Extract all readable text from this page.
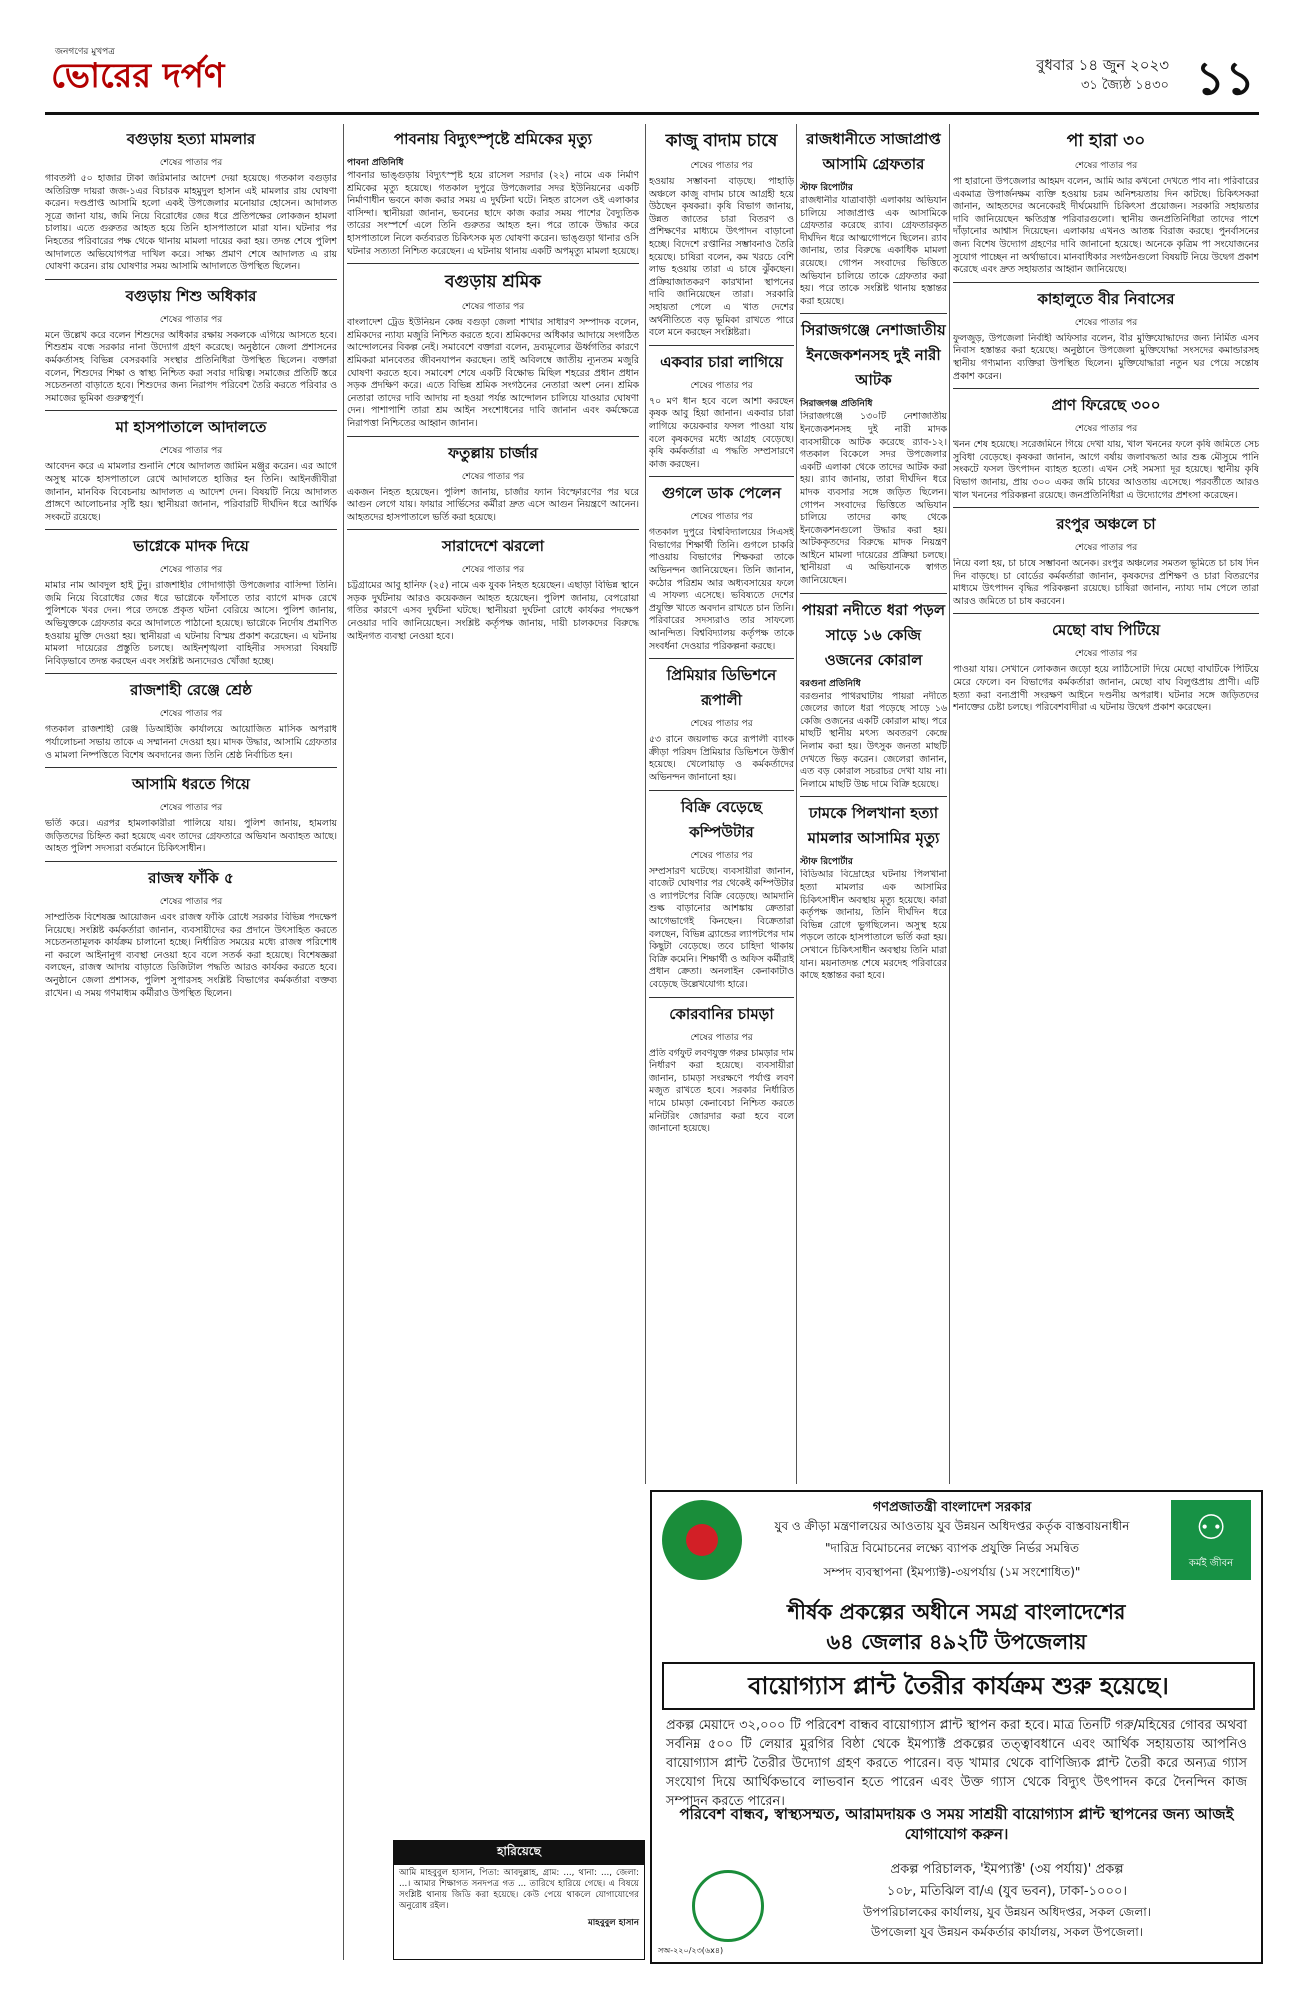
জনগণের মুখপত্র
ভোরের দর্পণ	বুধবার ১৪ জুন ২০২৩
৩১ জ্যৈষ্ঠ ১৪৩০ ১১
বগুড়ায় হত্যা মামলার
শেষের পাতার পর

গাবতলী ৫০ হাজার টাকা জরিমানার আদেশ দেয়া হয়েছে। গতকাল বগুড়ার অতিরিক্ত দায়রা জজ-১এর বিচারক মাহমুদুল হাসান এই মামলার রায় ঘোষণা করেন। দণ্ডপ্রাপ্ত আসামি হলো একই উপজেলার মনোয়ার হোসেন। আদালত সূত্রে জানা যায়, জমি নিয়ে বিরোধের জের ধরে প্রতিপক্ষের লোকজন হামলা চালায়। এতে গুরুতর আহত হয়ে তিনি হাসপাতালে মারা যান। ঘটনার পর নিহতের পরিবারের পক্ষ থেকে থানায় মামলা দায়ের করা হয়। তদন্ত শেষে পুলিশ আদালতে অভিযোগপত্র দাখিল করে। সাক্ষ্য প্রমাণ শেষে আদালত এ রায় ঘোষণা করেন। রায় ঘোষণার সময় আসামি আদালতে উপস্থিত ছিলেন।

বগুড়ায় শিশু অধিকার
শেষের পাতার পর

মনে উল্লেখ করে বলেন শিশুদের অধিকার রক্ষায় সকলকে এগিয়ে আসতে হবে। শিশুশ্রম বন্ধে সরকার নানা উদ্যোগ গ্রহণ করেছে। অনুষ্ঠানে জেলা প্রশাসনের কর্মকর্তাসহ বিভিন্ন বেসরকারি সংস্থার প্রতিনিধিরা উপস্থিত ছিলেন। বক্তারা বলেন, শিশুদের শিক্ষা ও স্বাস্থ্য নিশ্চিত করা সবার দায়িত্ব। সমাজের প্রতিটি স্তরে সচেতনতা বাড়াতে হবে। শিশুদের জন্য নিরাপদ পরিবেশ তৈরি করতে পরিবার ও সমাজের ভূমিকা গুরুত্বপূর্ণ।

মা হাসপাতালে আদালতে
শেষের পাতার পর

আবেদন করে এ মামলার শুনানি শেষে আদালত জামিন মঞ্জুর করেন। এর আগে অসুস্থ মাকে হাসপাতালে রেখে আদালতে হাজির হন তিনি। আইনজীবীরা জানান, মানবিক বিবেচনায় আদালত এ আদেশ দেন। বিষয়টি নিয়ে আদালত প্রাঙ্গণে আলোচনার সৃষ্টি হয়। স্থানীয়রা জানান, পরিবারটি দীর্ঘদিন ধরে আর্থিক সংকটে রয়েছে।

ভাগ্নেকে মাদক দিয়ে
শেষের পাতার পর

মামার নাম আবদুল হাই টুনু। রাজশাহীর গোদাগাড়ী উপজেলার বাসিন্দা তিনি। জমি নিয়ে বিরোধের জের ধরে ভাগ্নেকে ফাঁসাতে তার ব্যাগে মাদক রেখে পুলিশকে খবর দেন। পরে তদন্তে প্রকৃত ঘটনা বেরিয়ে আসে। পুলিশ জানায়, অভিযুক্তকে গ্রেফতার করে আদালতে পাঠানো হয়েছে। ভাগ্নেকে নির্দোষ প্রমাণিত হওয়ায় মুক্তি দেওয়া হয়। স্থানীয়রা এ ঘটনায় বিস্ময় প্রকাশ করেছেন। এ ঘটনায় মামলা দায়েরের প্রস্তুতি চলছে। আইনশৃঙ্খলা বাহিনীর সদস্যরা বিষয়টি নিবিড়ভাবে তদন্ত করছেন এবং সংশ্লিষ্ট অন্যদেরও খোঁজা হচ্ছে।

রাজশাহী রেঞ্জে শ্রেষ্ঠ
শেষের পাতার পর

গতকাল রাজশাহী রেঞ্জ ডিআইজি কার্যালয়ে আয়োজিত মাসিক অপরাধ পর্যালোচনা সভায় তাকে এ সম্মাননা দেওয়া হয়। মাদক উদ্ধার, আসামি গ্রেফতার ও মামলা নিষ্পত্তিতে বিশেষ অবদানের জন্য তিনি শ্রেষ্ঠ নির্বাচিত হন।

আসামি ধরতে গিয়ে
শেষের পাতার পর

ভর্তি করে। এরপর হামলাকারীরা পালিয়ে যায়। পুলিশ জানায়, হামলায় জড়িতদের চিহ্নিত করা হয়েছে এবং তাদের গ্রেফতারে অভিযান অব্যাহত আছে। আহত পুলিশ সদস্যরা বর্তমানে চিকিৎসাধীন।

রাজস্ব ফাঁকি ৫
শেষের পাতার পর

সাম্প্রতিক বিশেষজ্ঞ আয়োজন এবং রাজস্ব ফাঁকি রোধে সরকার বিভিন্ন পদক্ষেপ নিয়েছে। সংশ্লিষ্ট কর্মকর্তারা জানান, ব্যবসায়ীদের কর প্রদানে উৎসাহিত করতে সচেতনতামূলক কার্যক্রম চালানো হচ্ছে। নির্ধারিত সময়ের মধ্যে রাজস্ব পরিশোধ না করলে আইনানুগ ব্যবস্থা নেওয়া হবে বলে সতর্ক করা হয়েছে। বিশেষজ্ঞরা বলছেন, রাজস্ব আদায় বাড়াতে ডিজিটাল পদ্ধতি আরও কার্যকর করতে হবে। অনুষ্ঠানে জেলা প্রশাসক, পুলিশ সুপারসহ সংশ্লিষ্ট বিভাগের কর্মকর্তারা বক্তব্য রাখেন। এ সময় গণমাধ্যম কর্মীরাও উপস্থিত ছিলেন।

পাবনায় বিদ্যুৎস্পৃষ্টে শ্রমিকের মৃত্যু
পাবনা প্রতিনিধি

পাবনার ভাঙ্গুড়ায় বিদ্যুৎস্পৃষ্ট হয়ে রাসেল সরদার (২২) নামে এক নির্মাণ শ্রমিকের মৃত্যু হয়েছে। গতকাল দুপুরে উপজেলার সদর ইউনিয়নের একটি নির্মাণাধীন ভবনে কাজ করার সময় এ দুর্ঘটনা ঘটে। নিহত রাসেল ওই এলাকার বাসিন্দা। স্থানীয়রা জানান, ভবনের ছাদে কাজ করার সময় পাশের বৈদ্যুতিক তারের সংস্পর্শে এলে তিনি গুরুতর আহত হন। পরে তাকে উদ্ধার করে হাসপাতালে নিলে কর্তব্যরত চিকিৎসক মৃত ঘোষণা করেন। ভাঙ্গুড়া থানার ওসি ঘটনার সত্যতা নিশ্চিত করেছেন। এ ঘটনায় থানায় একটি অপমৃত্যু মামলা হয়েছে।

বগুড়ায় শ্রমিক
শেষের পাতার পর

বাংলাদেশ ট্রেড ইউনিয়ন কেন্দ্র বগুড়া জেলা শাখার সাধারণ সম্পাদক বলেন, শ্রমিকদের ন্যায্য মজুরি নিশ্চিত করতে হবে। শ্রমিকদের অধিকার আদায়ে সংগঠিত আন্দোলনের বিকল্প নেই। সমাবেশে বক্তারা বলেন, দ্রব্যমূল্যের ঊর্ধ্বগতির কারণে শ্রমিকরা মানবেতর জীবনযাপন করছেন। তাই অবিলম্বে জাতীয় ন্যূনতম মজুরি ঘোষণা করতে হবে। সমাবেশ শেষে একটি বিক্ষোভ মিছিল শহরের প্রধান প্রধান সড়ক প্রদক্ষিণ করে। এতে বিভিন্ন শ্রমিক সংগঠনের নেতারা অংশ নেন। শ্রমিক নেতারা তাদের দাবি আদায় না হওয়া পর্যন্ত আন্দোলন চালিয়ে যাওয়ার ঘোষণা দেন। পাশাপাশি তারা শ্রম আইন সংশোধনের দাবি জানান এবং কর্মক্ষেত্রে নিরাপত্তা নিশ্চিতের আহ্বান জানান।

ফতুল্লায় চার্জার
শেষের পাতার পর

একজন নিহত হয়েছেন। পুলিশ জানায়, চার্জার ফ্যান বিস্ফোরণের পর ঘরে আগুন লেগে যায়। ফায়ার সার্ভিসের কর্মীরা দ্রুত এসে আগুন নিয়ন্ত্রণে আনেন। আহতদের হাসপাতালে ভর্তি করা হয়েছে।

সারাদেশে ঝরলো
শেষের পাতার পর

চট্টগ্রামের আবু হানিফ (২৫) নামে এক যুবক নিহত হয়েছেন। এছাড়া বিভিন্ন স্থানে সড়ক দুর্ঘটনায় আরও কয়েকজন আহত হয়েছেন। পুলিশ জানায়, বেপরোয়া গতির কারণে এসব দুর্ঘটনা ঘটছে। স্থানীয়রা দুর্ঘটনা রোধে কার্যকর পদক্ষেপ নেওয়ার দাবি জানিয়েছেন। সংশ্লিষ্ট কর্তৃপক্ষ জানায়, দায়ী চালকদের বিরুদ্ধে আইনগত ব্যবস্থা নেওয়া হবে।

কাজু বাদাম চাষে
শেষের পাতার পর

হওয়ায় সম্ভাবনা বাড়ছে। পাহাড়ি অঞ্চলে কাজু বাদাম চাষে আগ্রহী হয়ে উঠছেন কৃষকরা। কৃষি বিভাগ জানায়, উন্নত জাতের চারা বিতরণ ও প্রশিক্ষণের মাধ্যমে উৎপাদন বাড়ানো হচ্ছে। বিদেশে রপ্তানির সম্ভাবনাও তৈরি হয়েছে। চাষিরা বলেন, কম খরচে বেশি লাভ হওয়ায় তারা এ চাষে ঝুঁকছেন। প্রক্রিয়াজাতকরণ কারখানা স্থাপনের দাবি জানিয়েছেন তারা। সরকারি সহায়তা পেলে এ খাত দেশের অর্থনীতিতে বড় ভূমিকা রাখতে পারে বলে মনে করছেন সংশ্লিষ্টরা।

একবার চারা লাগিয়ে
শেষের পাতার পর

৭০ মণ ধান হবে বলে আশা করছেন কৃষক আবু হিয়া জানান। একবার চারা লাগিয়ে কয়েকবার ফসল পাওয়া যায় বলে কৃষকদের মধ্যে আগ্রহ বেড়েছে। কৃষি কর্মকর্তারা এ পদ্ধতি সম্প্রসারণে কাজ করছেন।

গুগলে ডাক পেলেন
শেষের পাতার পর

গতকাল দুপুরে বিশ্ববিদ্যালয়ের সিএসই বিভাগের শিক্ষার্থী তিনি। গুগলে চাকরি পাওয়ায় বিভাগের শিক্ষকরা তাকে অভিনন্দন জানিয়েছেন। তিনি জানান, কঠোর পরিশ্রম আর অধ্যবসায়ের ফলে এ সাফল্য এসেছে। ভবিষ্যতে দেশের প্রযুক্তি খাতে অবদান রাখতে চান তিনি। পরিবারের সদস্যরাও তার সাফল্যে আনন্দিত। বিশ্ববিদ্যালয় কর্তৃপক্ষ তাকে সংবর্ধনা দেওয়ার পরিকল্পনা করছে।

প্রিমিয়ার ডিভিশনে রূপালী
শেষের পাতার পর

৫৩ রানে জয়লাভ করে রূপালী ব্যাংক ক্রীড়া পরিষদ প্রিমিয়ার ডিভিশনে উত্তীর্ণ হয়েছে। খেলোয়াড় ও কর্মকর্তাদের অভিনন্দন জানানো হয়।

বিক্রি বেড়েছে কম্পিউটার
শেষের পাতার পর

সম্প্রসারণ ঘটেছে। ব্যবসায়ীরা জানান, বাজেট ঘোষণার পর থেকেই কম্পিউটার ও ল্যাপটপের বিক্রি বেড়েছে। আমদানি শুল্ক বাড়ানোর আশঙ্কায় ক্রেতারা আগেভাগেই কিনছেন। বিক্রেতারা বলছেন, বিভিন্ন ব্র্যান্ডের ল্যাপটপের দাম কিছুটা বেড়েছে। তবে চাহিদা থাকায় বিক্রি কমেনি। শিক্ষার্থী ও অফিস কর্মীরাই প্রধান ক্রেতা। অনলাইন কেনাকাটাও বেড়েছে উল্লেখযোগ্য হারে।

কোরবানির চামড়া
শেষের পাতার পর

প্রতি বর্গফুট লবণযুক্ত গরুর চামড়ার দাম নির্ধারণ করা হয়েছে। ব্যবসায়ীরা জানান, চামড়া সংরক্ষণে পর্যাপ্ত লবণ মজুত রাখতে হবে। সরকার নির্ধারিত দামে চামড়া কেনাবেচা নিশ্চিত করতে মনিটরিং জোরদার করা হবে বলে জানানো হয়েছে।

রাজধানীতে সাজাপ্রাপ্ত আসামি গ্রেফতার
স্টাফ রিপোর্টার

রাজধানীর যাত্রাবাড়ী এলাকায় অভিযান চালিয়ে সাজাপ্রাপ্ত এক আসামিকে গ্রেফতার করেছে র‍্যাব। গ্রেফতারকৃত দীর্ঘদিন ধরে আত্মগোপনে ছিলেন। র‍্যাব জানায়, তার বিরুদ্ধে একাধিক মামলা রয়েছে। গোপন সংবাদের ভিত্তিতে অভিযান চালিয়ে তাকে গ্রেফতার করা হয়। পরে তাকে সংশ্লিষ্ট থানায় হস্তান্তর করা হয়েছে।

সিরাজগঞ্জে নেশাজাতীয় ইনজেকশনসহ দুই নারী আটক
সিরাজগঞ্জ প্রতিনিধি

সিরাজগঞ্জে ১৩০টি নেশাজাতীয় ইনজেকশনসহ দুই নারী মাদক ব্যবসায়ীকে আটক করেছে র‍্যাব-১২। গতকাল বিকেলে সদর উপজেলার একটি এলাকা থেকে তাদের আটক করা হয়। র‍্যাব জানায়, তারা দীর্ঘদিন ধরে মাদক ব্যবসার সঙ্গে জড়িত ছিলেন। গোপন সংবাদের ভিত্তিতে অভিযান চালিয়ে তাদের কাছ থেকে ইনজেকশনগুলো উদ্ধার করা হয়। আটককৃতদের বিরুদ্ধে মাদক নিয়ন্ত্রণ আইনে মামলা দায়েরের প্রক্রিয়া চলছে। স্থানীয়রা এ অভিযানকে স্বাগত জানিয়েছেন।

পায়রা নদীতে ধরা পড়ল সাড়ে ১৬ কেজি ওজনের কোরাল
বরগুনা প্রতিনিধি

বরগুনার পাথরঘাটায় পায়রা নদীতে জেলের জালে ধরা পড়েছে সাড়ে ১৬ কেজি ওজনের একটি কোরাল মাছ। পরে মাছটি স্থানীয় মৎস্য অবতরণ কেন্দ্রে নিলাম করা হয়। উৎসুক জনতা মাছটি দেখতে ভিড় করেন। জেলেরা জানান, এত বড় কোরাল সচরাচর দেখা যায় না। নিলামে মাছটি উচ্চ দামে বিক্রি হয়েছে।

ঢামকে পিলখানা হত্যা মামলার আসামির মৃত্যু
স্টাফ রিপোর্টার

বিডিআর বিদ্রোহের ঘটনায় পিলখানা হত্যা মামলার এক আসামির চিকিৎসাধীন অবস্থায় মৃত্যু হয়েছে। কারা কর্তৃপক্ষ জানায়, তিনি দীর্ঘদিন ধরে বিভিন্ন রোগে ভুগছিলেন। অসুস্থ হয়ে পড়লে তাকে হাসপাতালে ভর্তি করা হয়। সেখানে চিকিৎসাধীন অবস্থায় তিনি মারা যান। ময়নাতদন্ত শেষে মরদেহ পরিবারের কাছে হস্তান্তর করা হবে।

পা হারা ৩০
শেষের পাতার পর

পা হারানো উপজেলার আহমদ বলেন, আমি আর কখনো দেখতে পাব না। পরিবারের একমাত্র উপার্জনক্ষম ব্যক্তি হওয়ায় চরম অনিশ্চয়তায় দিন কাটছে। চিকিৎসকরা জানান, আহতদের অনেকেরই দীর্ঘমেয়াদি চিকিৎসা প্রয়োজন। সরকারি সহায়তার দাবি জানিয়েছেন ক্ষতিগ্রস্ত পরিবারগুলো। স্থানীয় জনপ্রতিনিধিরা তাদের পাশে দাঁড়ানোর আশ্বাস দিয়েছেন। এলাকায় এখনও আতঙ্ক বিরাজ করছে। পুনর্বাসনের জন্য বিশেষ উদ্যোগ গ্রহণের দাবি জানানো হয়েছে। অনেকে কৃত্রিম পা সংযোজনের সুযোগ পাচ্ছেন না অর্থাভাবে। মানবাধিকার সংগঠনগুলো বিষয়টি নিয়ে উদ্বেগ প্রকাশ করেছে এবং দ্রুত সহায়তার আহ্বান জানিয়েছে।

কাহালুতে বীর নিবাসের
শেষের পাতার পর

ফুলজুড়, উপজেলা নির্বাহী অফিসার বলেন, বীর মুক্তিযোদ্ধাদের জন্য নির্মিত এসব নিবাস হস্তান্তর করা হয়েছে। অনুষ্ঠানে উপজেলা মুক্তিযোদ্ধা সংসদের কমান্ডারসহ স্থানীয় গণ্যমান্য ব্যক্তিরা উপস্থিত ছিলেন। মুক্তিযোদ্ধারা নতুন ঘর পেয়ে সন্তোষ প্রকাশ করেন।

প্রাণ ফিরেছে ৩০০
শেষের পাতার পর

খনন শেষ হয়েছে। সরেজমিনে গিয়ে দেখা যায়, খাল খননের ফলে কৃষি জমিতে সেচ সুবিধা বেড়েছে। কৃষকরা জানান, আগে বর্ষায় জলাবদ্ধতা আর শুষ্ক মৌসুমে পানি সংকটে ফসল উৎপাদন ব্যাহত হতো। এখন সেই সমস্যা দূর হয়েছে। স্থানীয় কৃষি বিভাগ জানায়, প্রায় ৩০০ একর জমি চাষের আওতায় এসেছে। পরবর্তীতে আরও খাল খননের পরিকল্পনা রয়েছে। জনপ্রতিনিধিরা এ উদ্যোগের প্রশংসা করেছেন।

রংপুর অঞ্চলে চা
শেষের পাতার পর

নিয়ে বলা হয়, চা চাষে সম্ভাবনা অনেক। রংপুর অঞ্চলের সমতল ভূমিতে চা চাষ দিন দিন বাড়ছে। চা বোর্ডের কর্মকর্তারা জানান, কৃষকদের প্রশিক্ষণ ও চারা বিতরণের মাধ্যমে উৎপাদন বৃদ্ধির পরিকল্পনা রয়েছে। চাষিরা জানান, ন্যায্য দাম পেলে তারা আরও জমিতে চা চাষ করবেন।

মেছো বাঘ পিটিয়ে
শেষের পাতার পর

পাওয়া যায়। সেখানে লোকজন জড়ো হয়ে লাঠিসোটা দিয়ে মেছো বাঘটিকে পিটিয়ে মেরে ফেলে। বন বিভাগের কর্মকর্তারা জানান, মেছো বাঘ বিলুপ্তপ্রায় প্রাণী। এটি হত্যা করা বন্যপ্রাণী সংরক্ষণ আইনে দণ্ডনীয় অপরাধ। ঘটনার সঙ্গে জড়িতদের শনাক্তের চেষ্টা চলছে। পরিবেশবাদীরা এ ঘটনায় উদ্বেগ প্রকাশ করেছেন।

হারিয়েছে
আমি মাহবুবুল হাসান, পিতা: আবদুল্লাহ, গ্রাম: ..., থানা: ..., জেলা: ...। আমার শিক্ষাগত সনদপত্র গত ... তারিখে হারিয়ে গেছে। এ বিষয়ে সংশ্লিষ্ট থানায় জিডি করা হয়েছে। কেউ পেয়ে থাকলে যোগাযোগের অনুরোধ রইল।
মাহবুবুল হাসান
⚇
কর্মই জীবন
গণপ্রজাতন্ত্রী বাংলাদেশ সরকার
যুব ও ক্রীড়া মন্ত্রণালয়ের আওতায় যুব উন্নয়ন অধিদপ্তর কর্তৃক বাস্তবায়নাধীন
"দারিদ্র বিমোচনের লক্ষ্যে ব্যাপক প্রযুক্তি নির্ভর সমন্বিত
সম্পদ ব্যবস্থাপনা (ইমপ্যাক্ট)-৩য়পর্যায় (১ম সংশোধিত)"
শীর্ষক প্রকল্পের অধীনে সমগ্র বাংলাদেশের
৬৪ জেলার ৪৯২টি উপজেলায়
বায়োগ্যাস প্লান্ট তৈরীর কার্যক্রম শুরু হয়েছে।
প্রকল্প মেয়াদে ৩২,০০০ টি পরিবেশ বান্ধব বায়োগ্যাস প্লান্ট স্থাপন করা হবে। মাত্র তিনটি গরু/মহিষের গোবর অথবা সর্বনিম্ন ৫০০ টি লেয়ার মুরগির বিষ্ঠা থেকে ইমপ্যাক্ট প্রকল্পের তত্ত্বাবধানে এবং আর্থিক সহায়তায় আপনিও বায়োগ্যাস প্লান্ট তৈরীর উদ্যোগ গ্রহণ করতে পারেন। বড় খামার থেকে বাণিজ্যিক প্লান্ট তৈরী করে অন্যত্র গ্যাস সংযোগ দিয়ে আর্থিকভাবে লাভবান হতে পারেন এবং উক্ত গ্যাস থেকে বিদ্যুৎ উৎপাদন করে দৈনন্দিন কাজ সম্পাদন করতে পারেন।
পরিবেশ বান্ধব, স্বাস্থ্যসম্মত, আরামদায়ক ও সময় সাশ্রয়ী বায়োগ্যাস প্লান্ট স্থাপনের জন্য আজই যোগাযোগ করুন।
প্রকল্প পরিচালক, 'ইমপ্যাক্ট' (৩য় পর্যায়)' প্রকল্প
১০৮, মতিঝিল বা/এ (যুব ভবন), ঢাকা-১০০০।
উপপরিচালকের কার্যালয়, যুব উন্নয়ন অধিদপ্তর, সকল জেলা।
উপজেলা যুব উন্নয়ন কর্মকর্তার কার্যালয়, সকল উপজেলা।
সঅ-২২০/২৩(৬x৪)
